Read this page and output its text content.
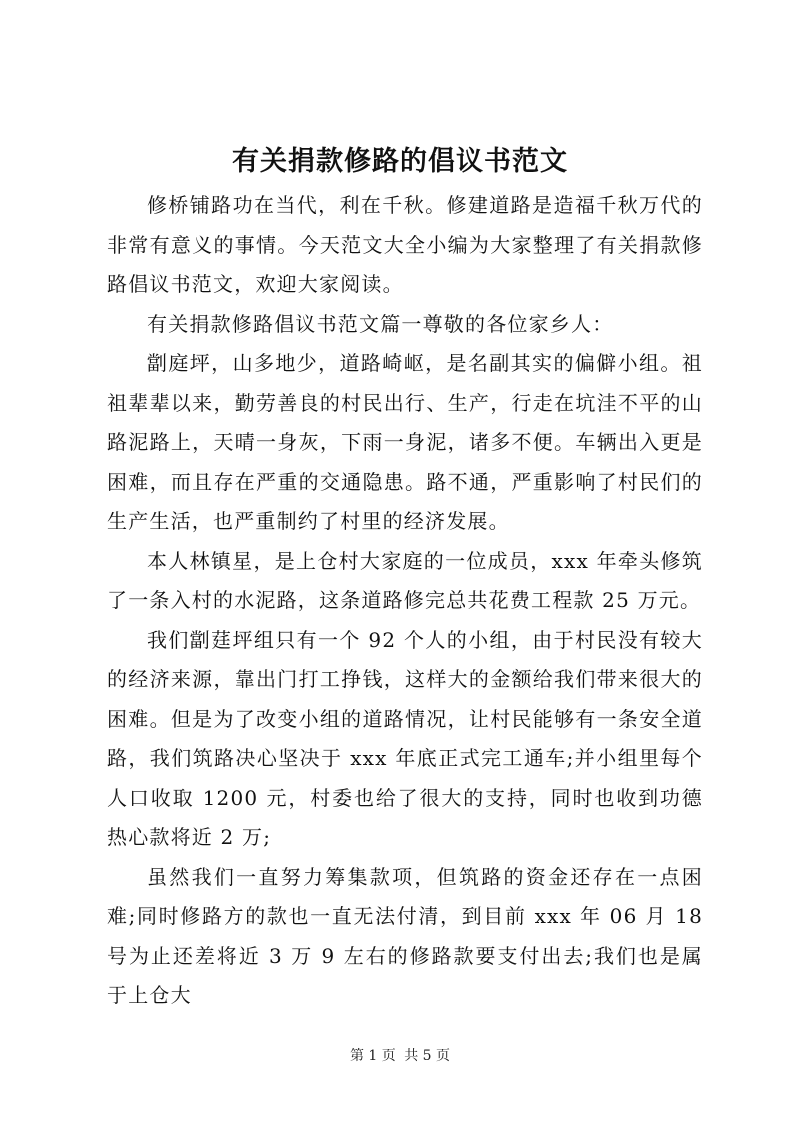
有关捐款修路的倡议书范文

修桥铺路功在当代，利在千秋。修建道路是造福千秋万代的非常有意义的事情。今天范文大全小编为大家整理了有关捐款修路倡议书范文，欢迎大家阅读。

有关捐款修路倡议书范文篇一尊敬的各位家乡人：

劏庭坪，山多地少，道路崎岖，是名副其实的偏僻小组。祖祖辈辈以来，勤劳善良的村民出行、生产，行走在坑洼不平的山路泥路上，天晴一身灰，下雨一身泥，诸多不便。车辆出入更是困难，而且存在严重的交通隐患。路不通，严重影响了村民们的生产生活，也严重制约了村里的经济发展。

本人林镇星，是上仓村大家庭的一位成员，xxx 年牵头修筑了一条入村的水泥路，这条道路修完总共花费工程款 25 万元。

我们劏莛坪组只有一个 92 个人的小组，由于村民没有较大的经济来源，靠出门打工挣钱，这样大的金额给我们带来很大的困难。但是为了改变小组的道路情况，让村民能够有一条安全道路，我们筑路决心坚决于 xxx 年底正式完工通车;并小组里每个人口收取 1200 元，村委也给了很大的支持，同时也收到功德热心款将近 2 万;

虽然我们一直努力筹集款项，但筑路的资金还存在一点困难;同时修路方的款也一直无法付清，到目前 xxx 年 06 月 18 号为止还差将近 3 万 9 左右的修路款要支付出去;我们也是属于上仓大

第 1 页 共 5 页
